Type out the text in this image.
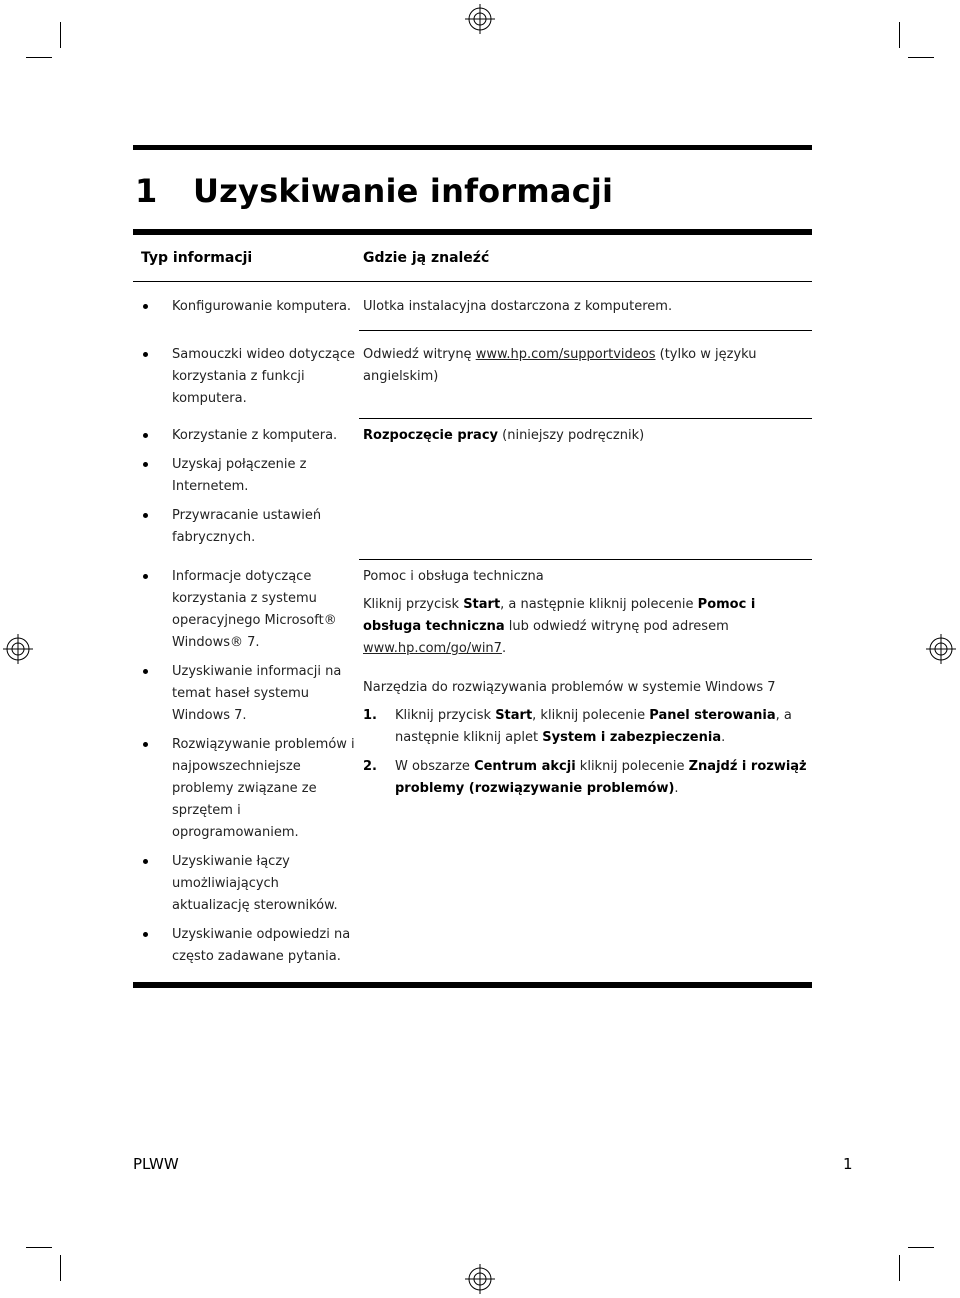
1 Uzyskiwanie informacji
Typ informacji	Gdzie ją znaleźć
Konfigurowanie komputera. Ulotka instalacyjna dostarczona z komputerem.

Samouczki wideo dotyczące korzystania z funkcji komputera.

Odwiedź witrynę www.hp.com/supportvideos (tylko w języku angielskim)

Korzystanie z komputera.
Uzyskaj połączenie z Internetem.
Przywracanie ustawień fabrycznych.

Rozpoczęcie pracy (niniejszy podręcznik)

Informacje dotyczące korzystania z systemu operacyjnego Microsoft® Windows® 7.
Uzyskiwanie informacji na temat haseł systemu Windows 7.
Rozwiązywanie problemów i najpowszechniejsze problemy związane ze sprzętem i oprogramowaniem.
Uzyskiwanie łączy umożliwiających aktualizację sterowników.
Uzyskiwanie odpowiedzi na często zadawane pytania.

Pomoc i obsługa techniczna

Kliknij przycisk Start, a następnie kliknij polecenie Pomoc i obsługa techniczna lub odwiedź witrynę pod adresem www.hp.com/go/win7.

Narzędzia do rozwiązywania problemów w systemie Windows 7

1. Kliknij przycisk Start, kliknij polecenie Panel sterowania, a następnie kliknij aplet System i zabezpieczenia.
2. W obszarze Centrum akcji kliknij polecenie Znajdź i rozwiąż problemy (rozwiązywanie problemów).
PLWW	1
